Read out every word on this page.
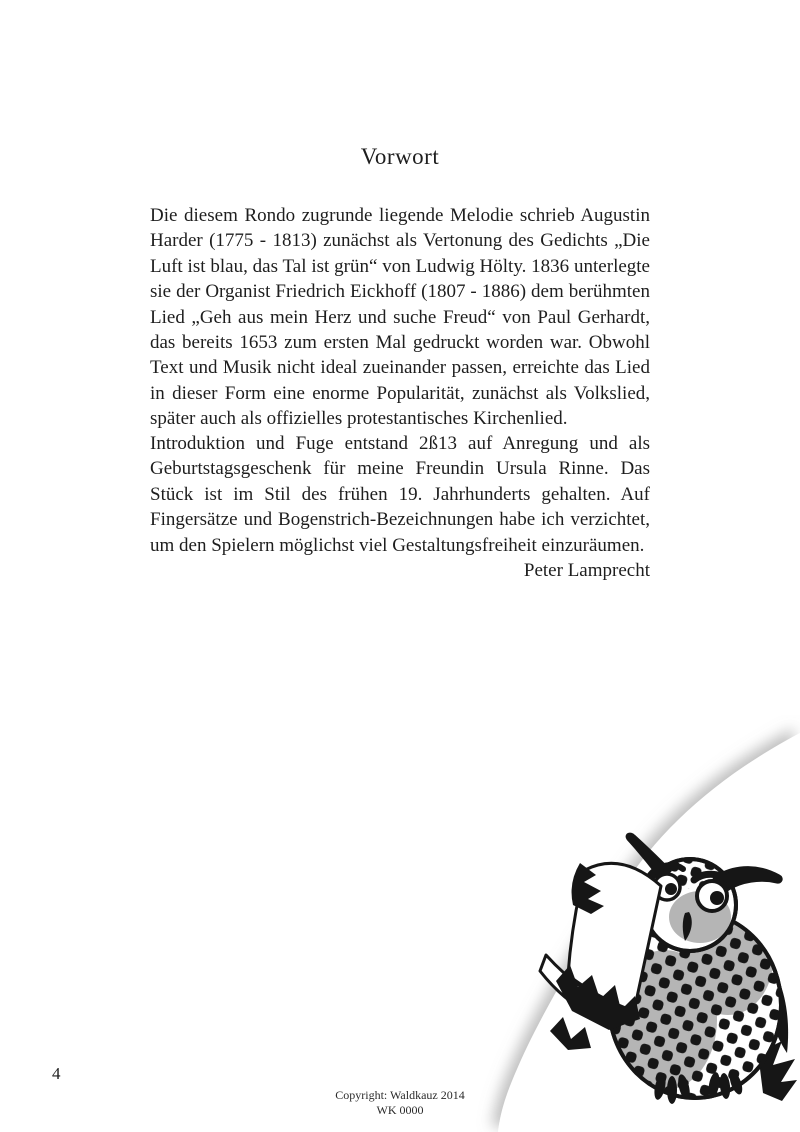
Vorwort

Die diesem Rondo zugrunde liegende Melodie schrieb Augustin Harder (1775 - 1813) zunächst als Vertonung des Gedichts „Die Luft ist blau, das Tal ist grün“ von Ludwig Hölty. 1836 unterlegte sie der Organist Friedrich Eickhoff (1807 - 1886) dem berühmten Lied „Geh aus mein Herz und suche Freud“ von Paul Gerhardt, das bereits 1653 zum ersten Mal gedruckt worden war. Obwohl Text und Musik nicht ideal zueinander passen, erreichte das Lied in dieser Form eine enorme Popularität, zunächst als Volkslied, später auch als offizielles protestantisches Kirchenlied.

Introduktion und Fuge entstand 2ß13 auf Anregung und als Geburtstagsgeschenk für meine Freundin Ursula Rinne. Das Stück ist im Stil des frühen 19. Jahrhunderts gehalten. Auf Fingersätze und Bogenstrich-Bezeichnungen habe ich verzichtet, um den Spielern möglichst viel Gestaltungsfreiheit einzuräumen.

Peter Lamprecht
4
Copyright: Waldkauz 2014
WK 0000
